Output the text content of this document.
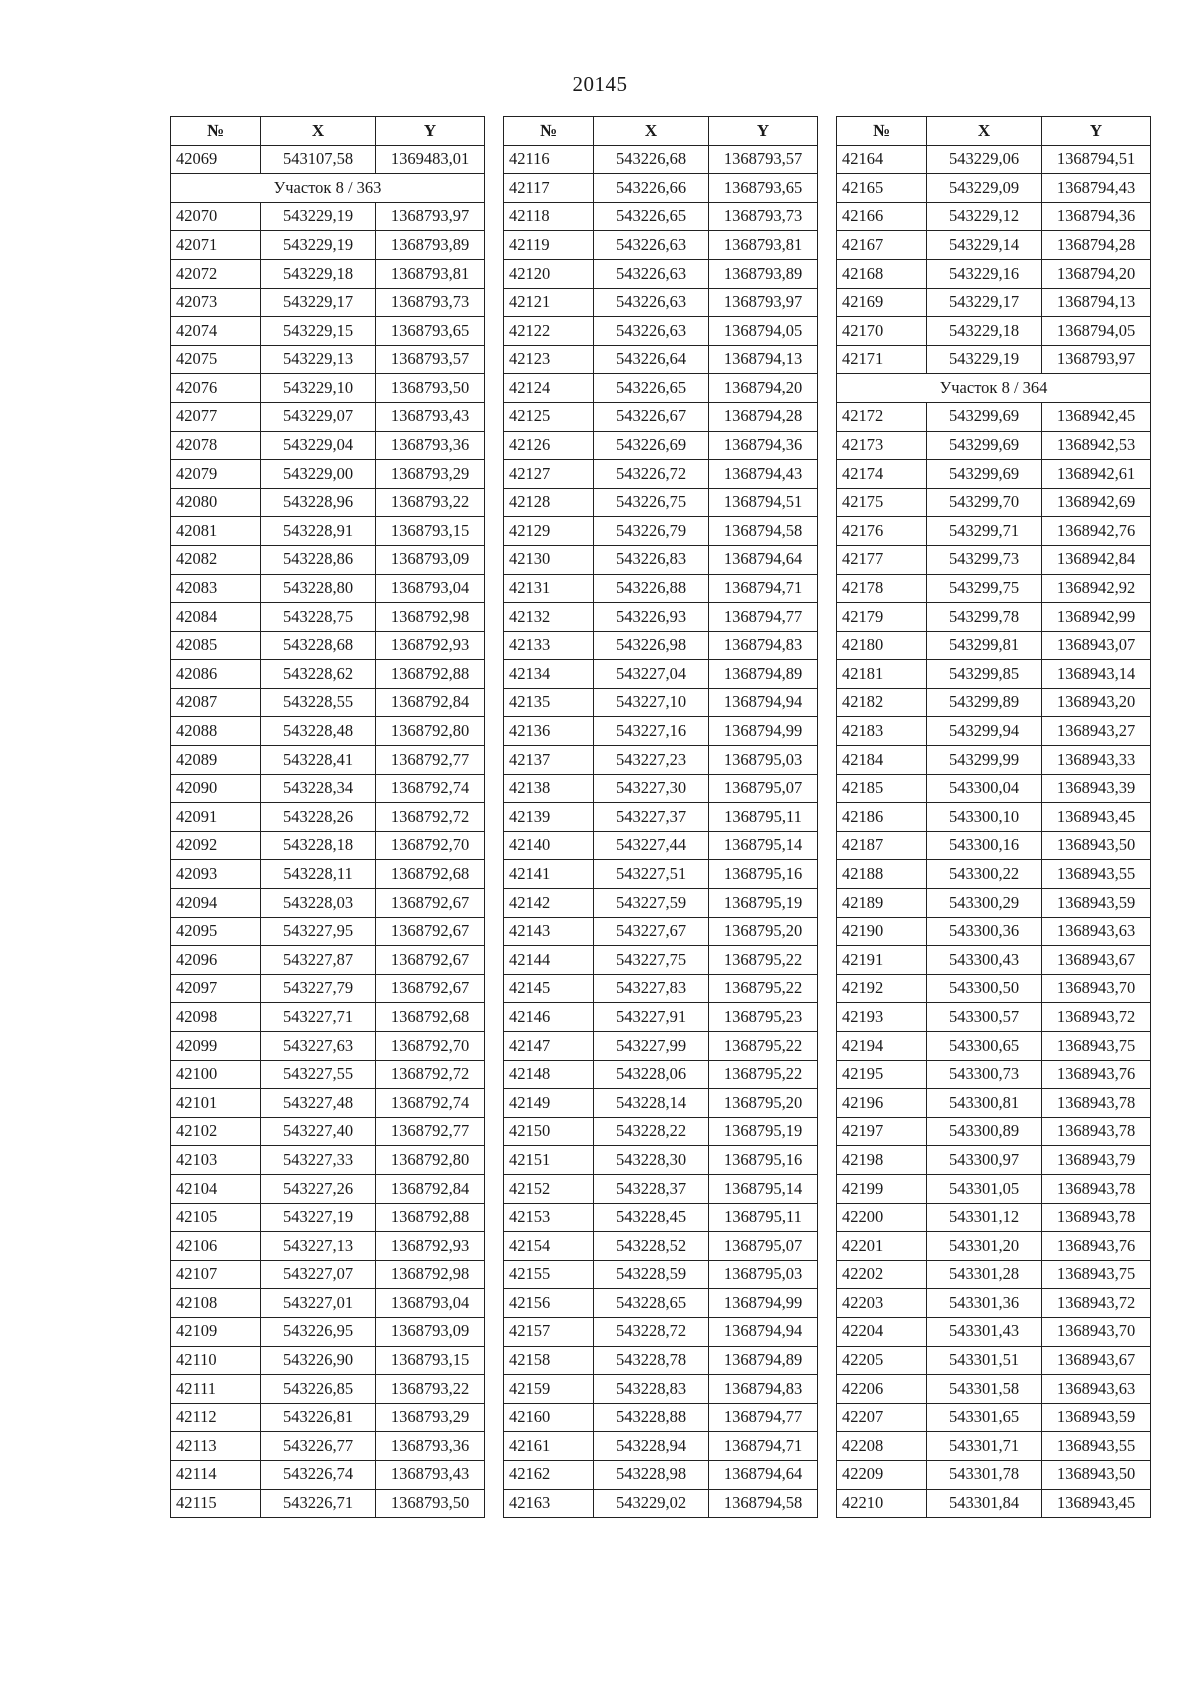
20145
№	X	Y
42069	543107,58	1369483,01
Участок 8 / 363		
42070	543229,19	1368793,97
42071	543229,19	1368793,89
42072	543229,18	1368793,81
42073	543229,17	1368793,73
42074	543229,15	1368793,65
42075	543229,13	1368793,57
42076	543229,10	1368793,50
42077	543229,07	1368793,43
42078	543229,04	1368793,36
42079	543229,00	1368793,29
42080	543228,96	1368793,22
42081	543228,91	1368793,15
42082	543228,86	1368793,09
42083	543228,80	1368793,04
42084	543228,75	1368792,98
42085	543228,68	1368792,93
42086	543228,62	1368792,88
42087	543228,55	1368792,84
42088	543228,48	1368792,80
42089	543228,41	1368792,77
42090	543228,34	1368792,74
42091	543228,26	1368792,72
42092	543228,18	1368792,70
42093	543228,11	1368792,68
42094	543228,03	1368792,67
42095	543227,95	1368792,67
42096	543227,87	1368792,67
42097	543227,79	1368792,67
42098	543227,71	1368792,68
42099	543227,63	1368792,70
42100	543227,55	1368792,72
42101	543227,48	1368792,74
42102	543227,40	1368792,77
42103	543227,33	1368792,80
42104	543227,26	1368792,84
42105	543227,19	1368792,88
42106	543227,13	1368792,93
42107	543227,07	1368792,98
42108	543227,01	1368793,04
42109	543226,95	1368793,09
42110	543226,90	1368793,15
42111	543226,85	1368793,22
42112	543226,81	1368793,29
42113	543226,77	1368793,36
42114	543226,74	1368793,43
42115	543226,71	1368793,50
№	X	Y
42116	543226,68	1368793,57
42117	543226,66	1368793,65
42118	543226,65	1368793,73
42119	543226,63	1368793,81
42120	543226,63	1368793,89
42121	543226,63	1368793,97
42122	543226,63	1368794,05
42123	543226,64	1368794,13
42124	543226,65	1368794,20
42125	543226,67	1368794,28
42126	543226,69	1368794,36
42127	543226,72	1368794,43
42128	543226,75	1368794,51
42129	543226,79	1368794,58
42130	543226,83	1368794,64
42131	543226,88	1368794,71
42132	543226,93	1368794,77
42133	543226,98	1368794,83
42134	543227,04	1368794,89
42135	543227,10	1368794,94
42136	543227,16	1368794,99
42137	543227,23	1368795,03
42138	543227,30	1368795,07
42139	543227,37	1368795,11
42140	543227,44	1368795,14
42141	543227,51	1368795,16
42142	543227,59	1368795,19
42143	543227,67	1368795,20
42144	543227,75	1368795,22
42145	543227,83	1368795,22
42146	543227,91	1368795,23
42147	543227,99	1368795,22
42148	543228,06	1368795,22
42149	543228,14	1368795,20
42150	543228,22	1368795,19
42151	543228,30	1368795,16
42152	543228,37	1368795,14
42153	543228,45	1368795,11
42154	543228,52	1368795,07
42155	543228,59	1368795,03
42156	543228,65	1368794,99
42157	543228,72	1368794,94
42158	543228,78	1368794,89
42159	543228,83	1368794,83
42160	543228,88	1368794,77
42161	543228,94	1368794,71
42162	543228,98	1368794,64
42163	543229,02	1368794,58
№	X	Y
42164	543229,06	1368794,51
42165	543229,09	1368794,43
42166	543229,12	1368794,36
42167	543229,14	1368794,28
42168	543229,16	1368794,20
42169	543229,17	1368794,13
42170	543229,18	1368794,05
42171	543229,19	1368793,97
Участок 8 / 364		
42172	543299,69	1368942,45
42173	543299,69	1368942,53
42174	543299,69	1368942,61
42175	543299,70	1368942,69
42176	543299,71	1368942,76
42177	543299,73	1368942,84
42178	543299,75	1368942,92
42179	543299,78	1368942,99
42180	543299,81	1368943,07
42181	543299,85	1368943,14
42182	543299,89	1368943,20
42183	543299,94	1368943,27
42184	543299,99	1368943,33
42185	543300,04	1368943,39
42186	543300,10	1368943,45
42187	543300,16	1368943,50
42188	543300,22	1368943,55
42189	543300,29	1368943,59
42190	543300,36	1368943,63
42191	543300,43	1368943,67
42192	543300,50	1368943,70
42193	543300,57	1368943,72
42194	543300,65	1368943,75
42195	543300,73	1368943,76
42196	543300,81	1368943,78
42197	543300,89	1368943,78
42198	543300,97	1368943,79
42199	543301,05	1368943,78
42200	543301,12	1368943,78
42201	543301,20	1368943,76
42202	543301,28	1368943,75
42203	543301,36	1368943,72
42204	543301,43	1368943,70
42205	543301,51	1368943,67
42206	543301,58	1368943,63
42207	543301,65	1368943,59
42208	543301,71	1368943,55
42209	543301,78	1368943,50
42210	543301,84	1368943,45
